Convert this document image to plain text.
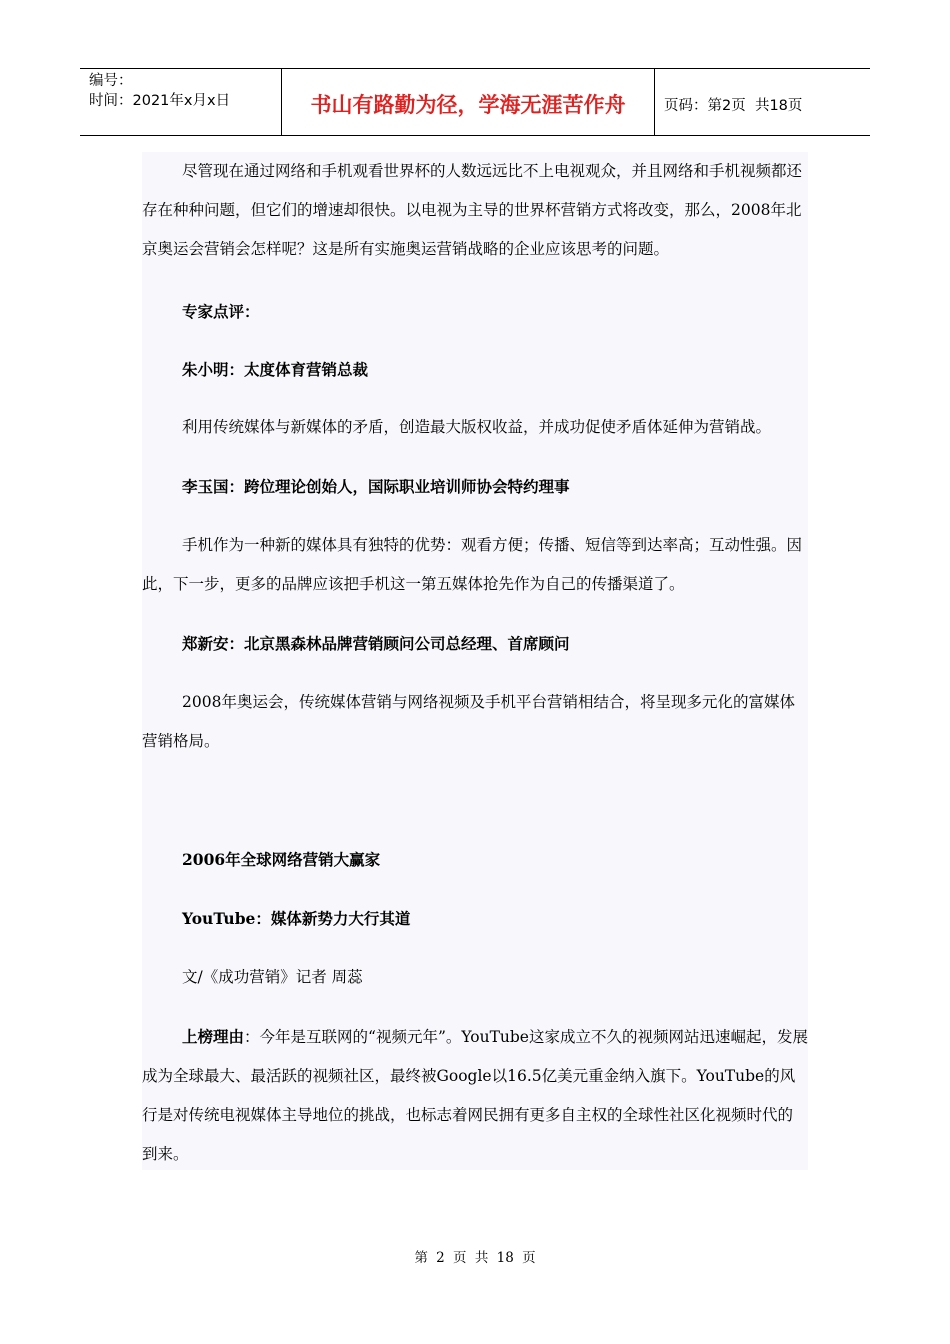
编号：
时间：2021年x月x日	书山有路勤为径，学海无涯苦作舟	页码：第2页  共18页

尽管现在通过网络和手机观看世界杯的人数远远比不上电视观众，并且网络和手机视频都还存在种种问题，但它们的增速却很快。以电视为主导的世界杯营销方式将改变，那么，2008年北京奥运会营销会怎样呢？这是所有实施奥运营销战略的企业应该思考的问题。

专家点评：

朱小明：太度体育营销总裁

利用传统媒体与新媒体的矛盾，创造最大版权收益，并成功促使矛盾体延伸为营销战。

李玉国：跨位理论创始人，国际职业培训师协会特约理事

手机作为一种新的媒体具有独特的优势：观看方便；传播、短信等到达率高；互动性强。因此，下一步，更多的品牌应该把手机这一第五媒体抢先作为自己的传播渠道了。

郑新安：北京黑森林品牌营销顾问公司总经理、首席顾问

2008年奥运会，传统媒体营销与网络视频及手机平台营销相结合，将呈现多元化的富媒体营销格局。

2006年全球网络营销大赢家

YouTube：媒体新势力大行其道

文/《成功营销》记者 周蕊

上榜理由：今年是互联网的“视频元年”。YouTube这家成立不久的视频网站迅速崛起，发展成为全球最大、最活跃的视频社区，最终被Google以16.5亿美元重金纳入旗下。YouTube的风行是对传统电视媒体主导地位的挑战，也标志着网民拥有更多自主权的全球性社区化视频时代的到来。

第 2 页 共 18 页
